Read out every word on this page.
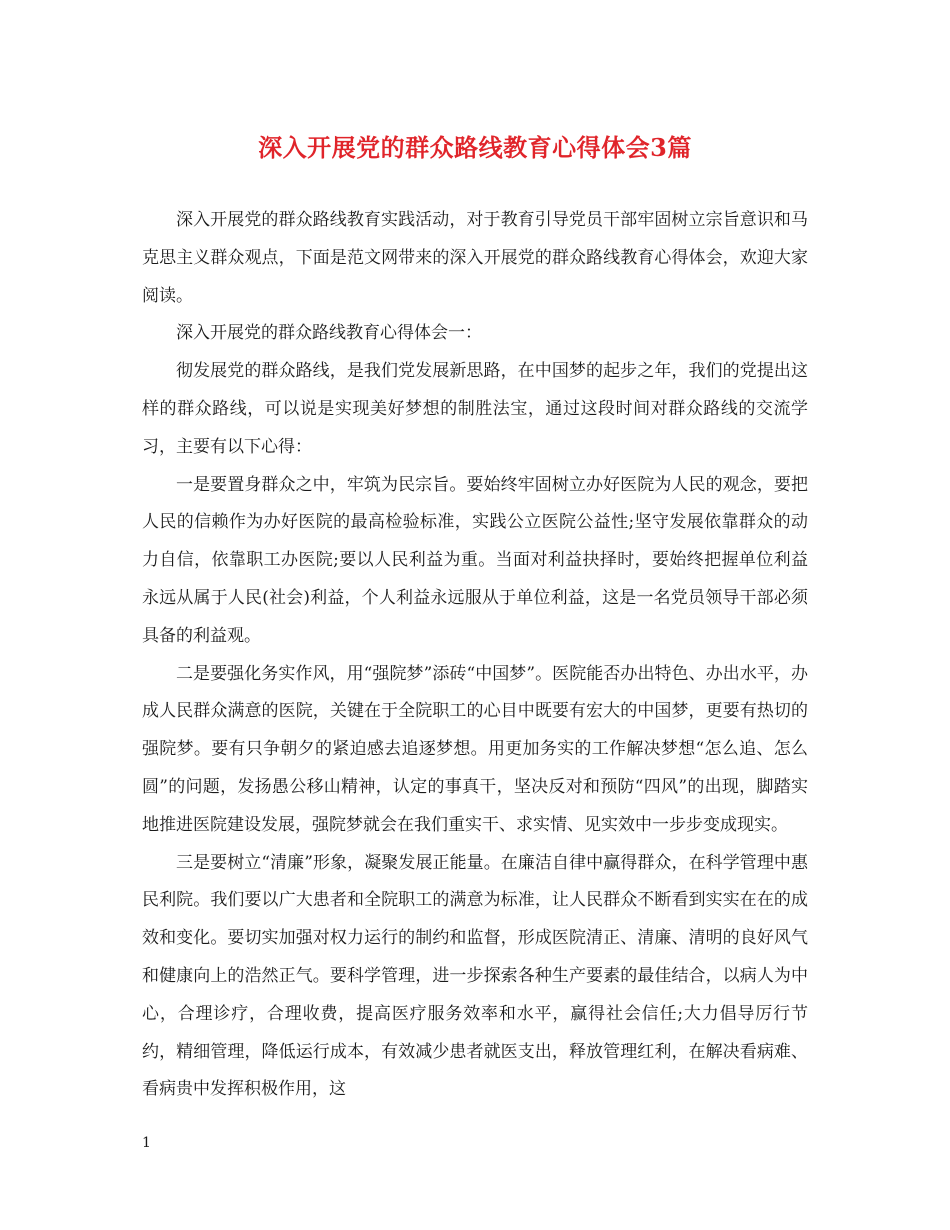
深入开展党的群众路线教育心得体会3篇

深入开展党的群众路线教育实践活动，对于教育引导党员干部牢固树立宗旨意识和马克思主义群众观点，下面是范文网带来的深入开展党的群众路线教育心得体会，欢迎大家阅读。

深入开展党的群众路线教育心得体会一：

彻发展党的群众路线，是我们党发展新思路，在中国梦的起步之年，我们的党提出这样的群众路线，可以说是实现美好梦想的制胜法宝，通过这段时间对群众路线的交流学习，主要有以下心得：

一是要置身群众之中，牢筑为民宗旨。要始终牢固树立办好医院为人民的观念，要把人民的信赖作为办好医院的最高检验标准，实践公立医院公益性;坚守发展依靠群众的动力自信，依靠职工办医院;要以人民利益为重。当面对利益抉择时，要始终把握单位利益永远从属于人民(社会)利益，个人利益永远服从于单位利益，这是一名党员领导干部必须具备的利益观。

二是要强化务实作风，用“强院梦”添砖“中国梦”。医院能否办出特色、办出水平，办成人民群众满意的医院，关键在于全院职工的心目中既要有宏大的中国梦，更要有热切的强院梦。要有只争朝夕的紧迫感去追逐梦想。用更加务实的工作解决梦想“怎么追、怎么圆”的问题，发扬愚公移山精神，认定的事真干，坚决反对和预防“四风”的出现，脚踏实地推进医院建设发展，强院梦就会在我们重实干、求实情、见实效中一步步变成现实。

三是要树立“清廉”形象，凝聚发展正能量。在廉洁自律中赢得群众，在科学管理中惠民利院。我们要以广大患者和全院职工的满意为标准，让人民群众不断看到实实在在的成效和变化。要切实加强对权力运行的制约和监督，形成医院清正、清廉、清明的良好风气和健康向上的浩然正气。要科学管理，进一步探索各种生产要素的最佳结合，以病人为中心，合理诊疗，合理收费，提高医疗服务效率和水平，赢得社会信任;大力倡导厉行节约，精细管理，降低运行成本，有效减少患者就医支出，释放管理红利，在解决看病难、看病贵中发挥积极作用，这

1
